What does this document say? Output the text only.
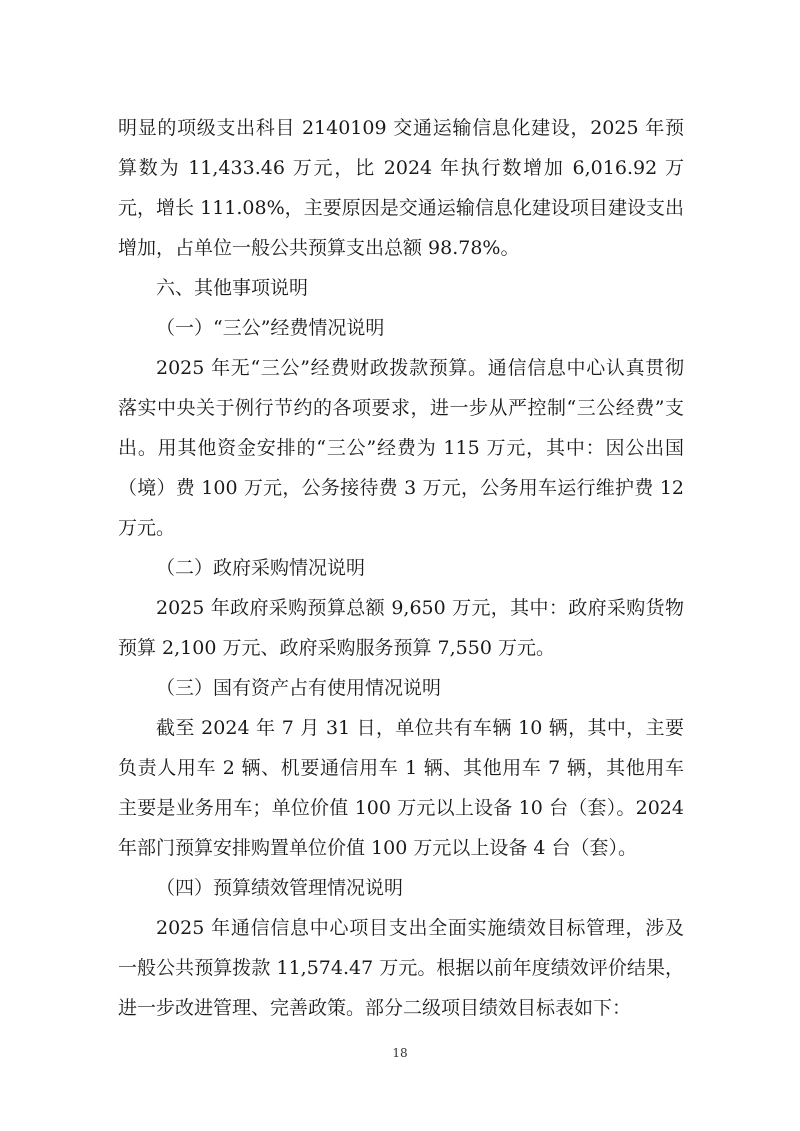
明显的项级支出科目 2140109 交通运输信息化建设，2025 年预算数为 11,433.46 万元，比 2024 年执行数增加 6,016.92 万元，增长 111.08%，主要原因是交通运输信息化建设项目建设支出增加，占单位一般公共预算支出总额 98.78%。

六、其他事项说明

（一）“三公”经费情况说明

2025 年无“三公”经费财政拨款预算。通信信息中心认真贯彻落实中央关于例行节约的各项要求，进一步从严控制“三公经费”支出。用其他资金安排的“三公”经费为 115 万元，其中：因公出国（境）费 100 万元，公务接待费 3 万元，公务用车运行维护费 12 万元。

（二）政府采购情况说明

2025 年政府采购预算总额 9,650 万元，其中：政府采购货物预算 2,100 万元、政府采购服务预算 7,550 万元。

（三）国有资产占有使用情况说明

截至 2024 年 7 月 31 日，单位共有车辆 10 辆，其中，主要负责人用车 2 辆、机要通信用车 1 辆、其他用车 7 辆，其他用车主要是业务用车；单位价值 100 万元以上设备 10 台（套）。2024 年部门预算安排购置单位价值 100 万元以上设备 4 台（套）。

（四）预算绩效管理情况说明

2025 年通信信息中心项目支出全面实施绩效目标管理，涉及一般公共预算拨款 11,574.47 万元。根据以前年度绩效评价结果，进一步改进管理、完善政策。部分二级项目绩效目标表如下：

18
